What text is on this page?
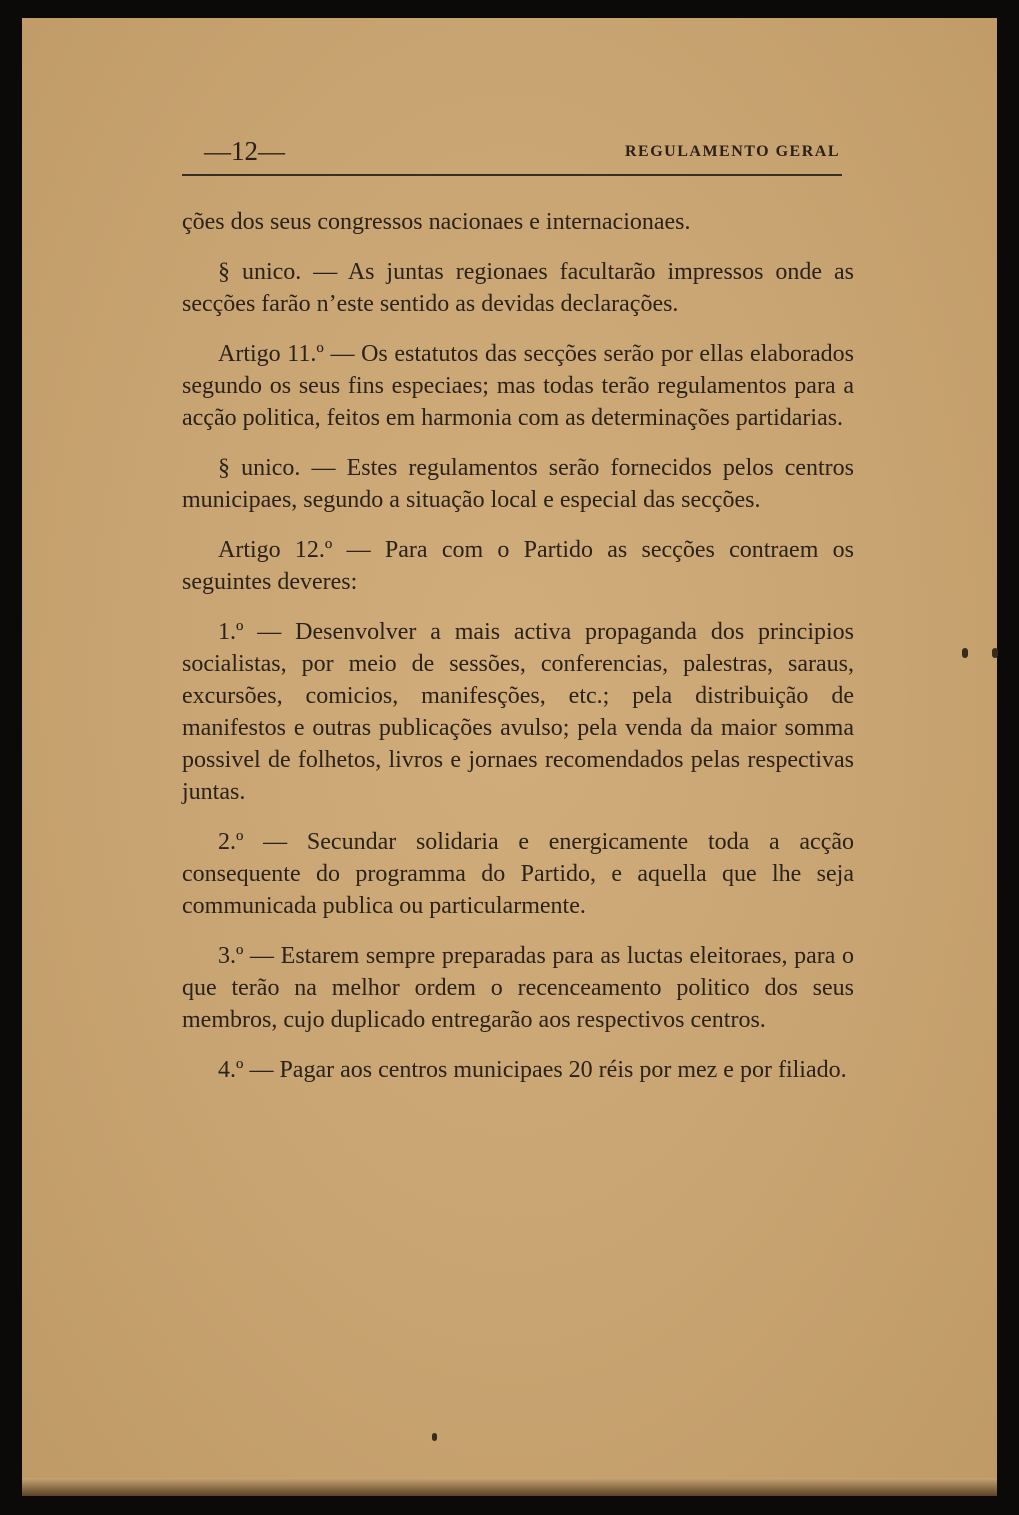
—12—	REGULAMENTO GERAL

ções dos seus congressos nacionaes e internacionaes.

§ unico. — As juntas regionaes facultarão impressos onde as secções farão n’este sentido as devidas declarações.

Artigo 11.º — Os estatutos das secções serão por ellas elaborados segundo os seus fins especiaes; mas todas terão regulamentos para a acção politica, feitos em harmonia com as determinações partidarias.

§ unico. — Estes regulamentos serão fornecidos pelos centros municipaes, segundo a situação local e especial das secções.

Artigo 12.º — Para com o Partido as secções contraem os seguintes deveres:

1.º — Desenvolver a mais activa propaganda dos principios socialistas, por meio de sessões, conferencias, palestras, saraus, excursões, comicios, manifesções, etc.; pela distribuição de manifestos e outras publicações avulso; pela venda da maior somma possivel de folhetos, livros e jornaes recomendados pelas respectivas juntas.

2.º — Secundar solidaria e energicamente toda a acção consequente do programma do Partido, e aquella que lhe seja communicada publica ou particularmente.

3.º — Estarem sempre preparadas para as luctas eleitoraes, para o que terão na melhor ordem o recenceamento politico dos seus membros, cujo duplicado entregarão aos respectivos centros.

4.º — Pagar aos centros municipaes 20 réis por mez e por filiado.
